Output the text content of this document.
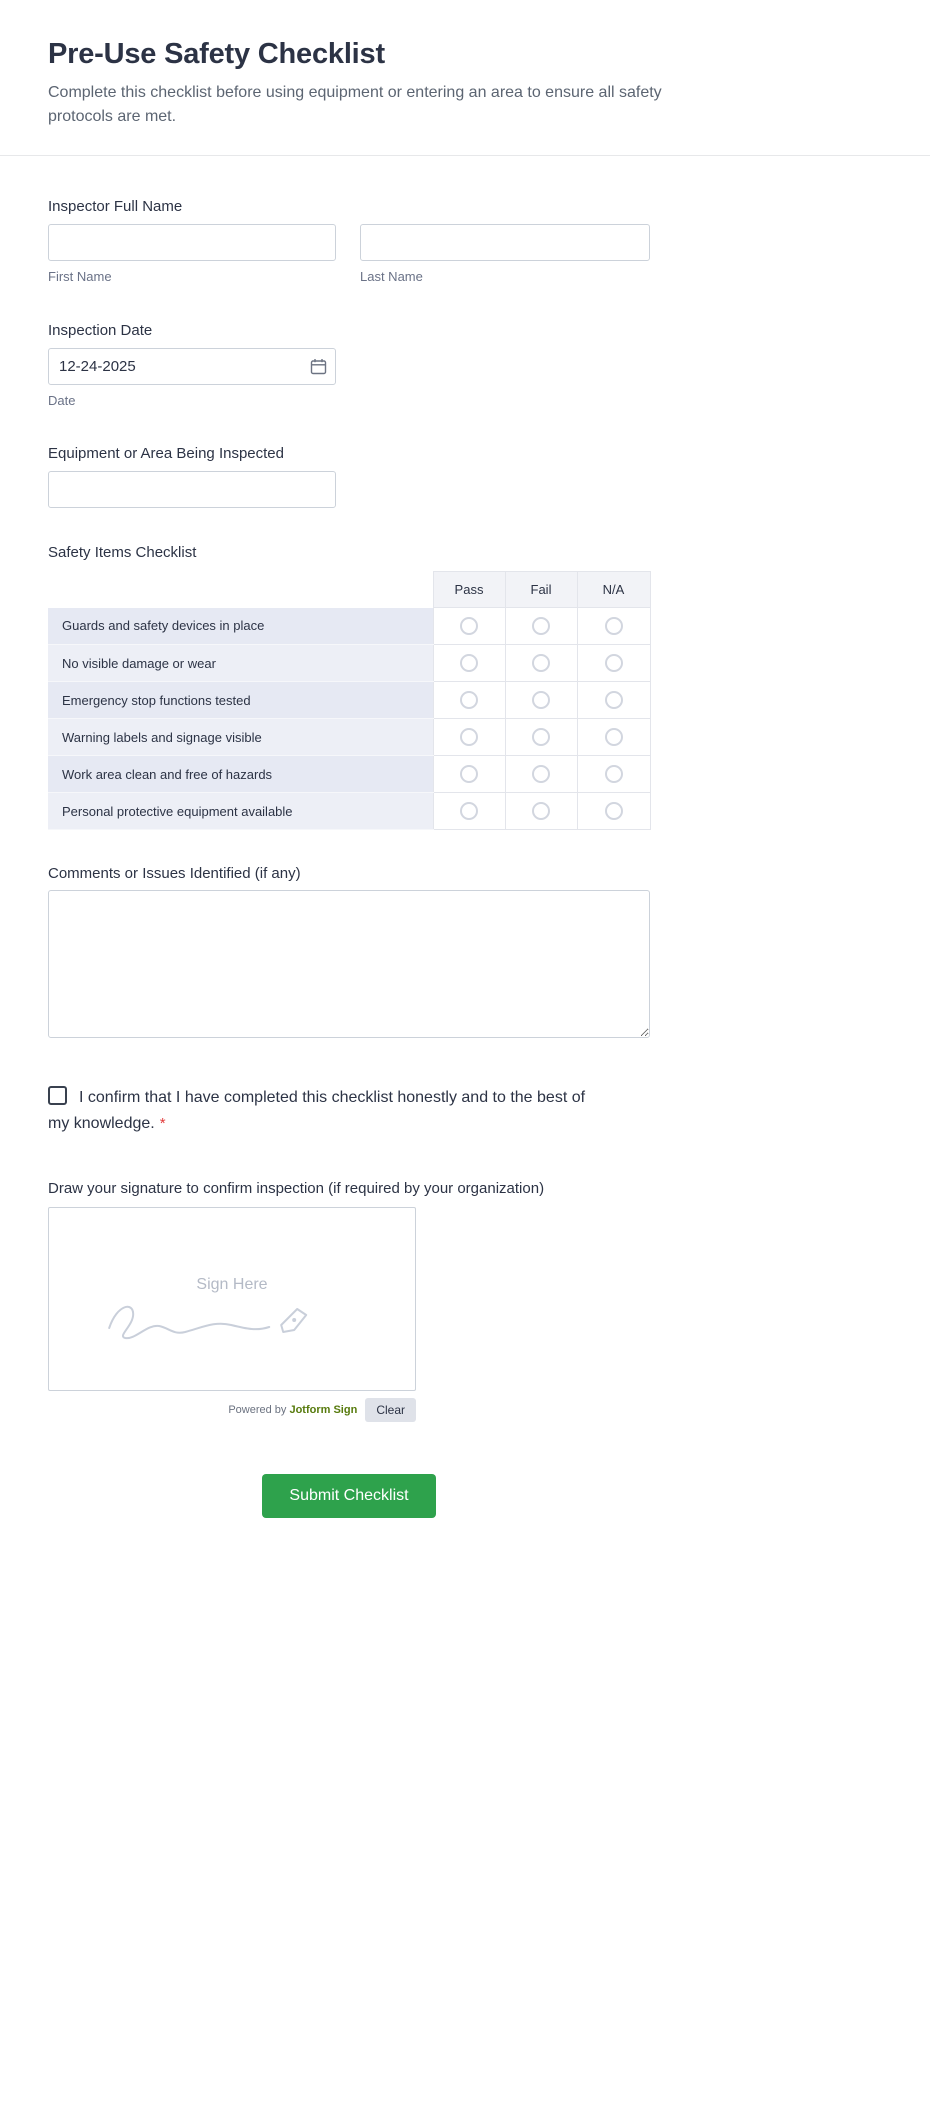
Pre-Use Safety Checklist
Complete this checklist before using equipment or entering an area to ensure all safety protocols are met.
Inspector Full Name
First Name	Last Name
Inspection Date
12-24-2025
Date
Equipment or Area Being Inspected
Safety Items Checklist
	Pass	Fail	N/A
Guards and safety devices in place			
No visible damage or wear			
Emergency stop functions tested			
Warning labels and signage visible			
Work area clean and free of hazards			
Personal protective equipment available			
Comments or Issues Identified (if any)
I confirm that I have completed this checklist honestly and to the best of my knowledge. *
Draw your signature to confirm inspection (if required by your organization)
Sign Here
Powered by Jotform Sign	Clear
Submit Checklist
